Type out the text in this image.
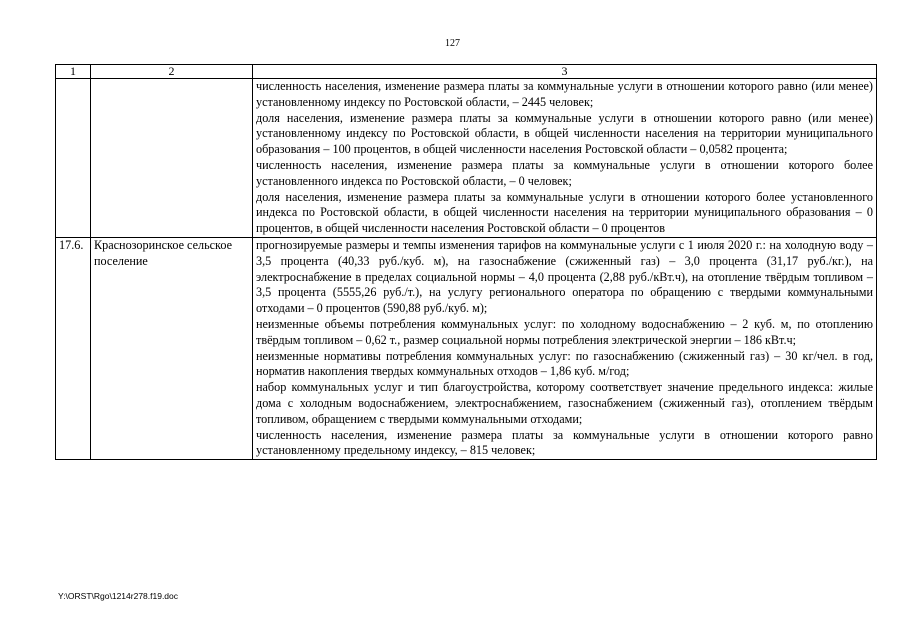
127
1	2	3

		численность населения, изменение размера платы за коммунальные услуги в отношении которого равно (или менее) установленному индексу по Ростовской области, – 2445 человек;

доля населения, изменение размера платы за коммунальные услуги в отношении которого равно (или менее) установленному индексу по Ростовской области, в общей численности населения на территории муниципального образования – 100 процентов, в общей численности населения Ростовской области – 0,0582 процента;

численность населения, изменение размера платы за коммунальные услуги в отношении которого более установленного индекса по Ростовской области, – 0 человек;

доля населения, изменение размера платы за коммунальные услуги в отношении которого более установленного индекса по Ростовской области, в общей численности населения на территории муниципального образования – 0 процентов, в общей численности населения Ростовской области – 0 процентов

17.6.	Краснозоринское сельское поселение	прогнозируемые размеры и темпы изменения тарифов на коммунальные услуги с 1 июля 2020 г.: на холодную воду – 3,5 процента (40,33 руб./куб. м), на газоснабжение (сжиженный газ) – 3,0 процента (31,17 руб./кг.), на электроснабжение в пределах социальной нормы – 4,0 процента (2,88 руб./кВт.ч), на отопление твёрдым топливом – 3,5 процента (5555,26 руб./т.), на услугу регионального оператора по обращению с твердыми коммунальными отходами – 0 процентов (590,88 руб./куб. м);

неизменные объемы потребления коммунальных услуг: по холодному водоснабжению – 2 куб. м, по отоплению твёрдым топливом – 0,62 т., размер социальной нормы потребления электрической энергии – 186 кВт.ч;

неизменные нормативы потребления коммунальных услуг: по газоснабжению (сжиженный газ) – 30 кг/чел. в год, норматив накопления твердых коммунальных отходов – 1,86 куб. м/год;

набор коммунальных услуг и тип благоустройства, которому соответствует значение предельного индекса: жилые дома с холодным водоснабжением, электроснабжением, газоснабжением (сжиженный газ), отоплением твёрдым топливом, обращением с твердыми коммунальными отходами;

численность населения, изменение размера платы за коммунальные услуги в отношении которого равно установленному предельному индексу, – 815 человек;

Y:\ORST\Rgo\1214r278.f19.doc
